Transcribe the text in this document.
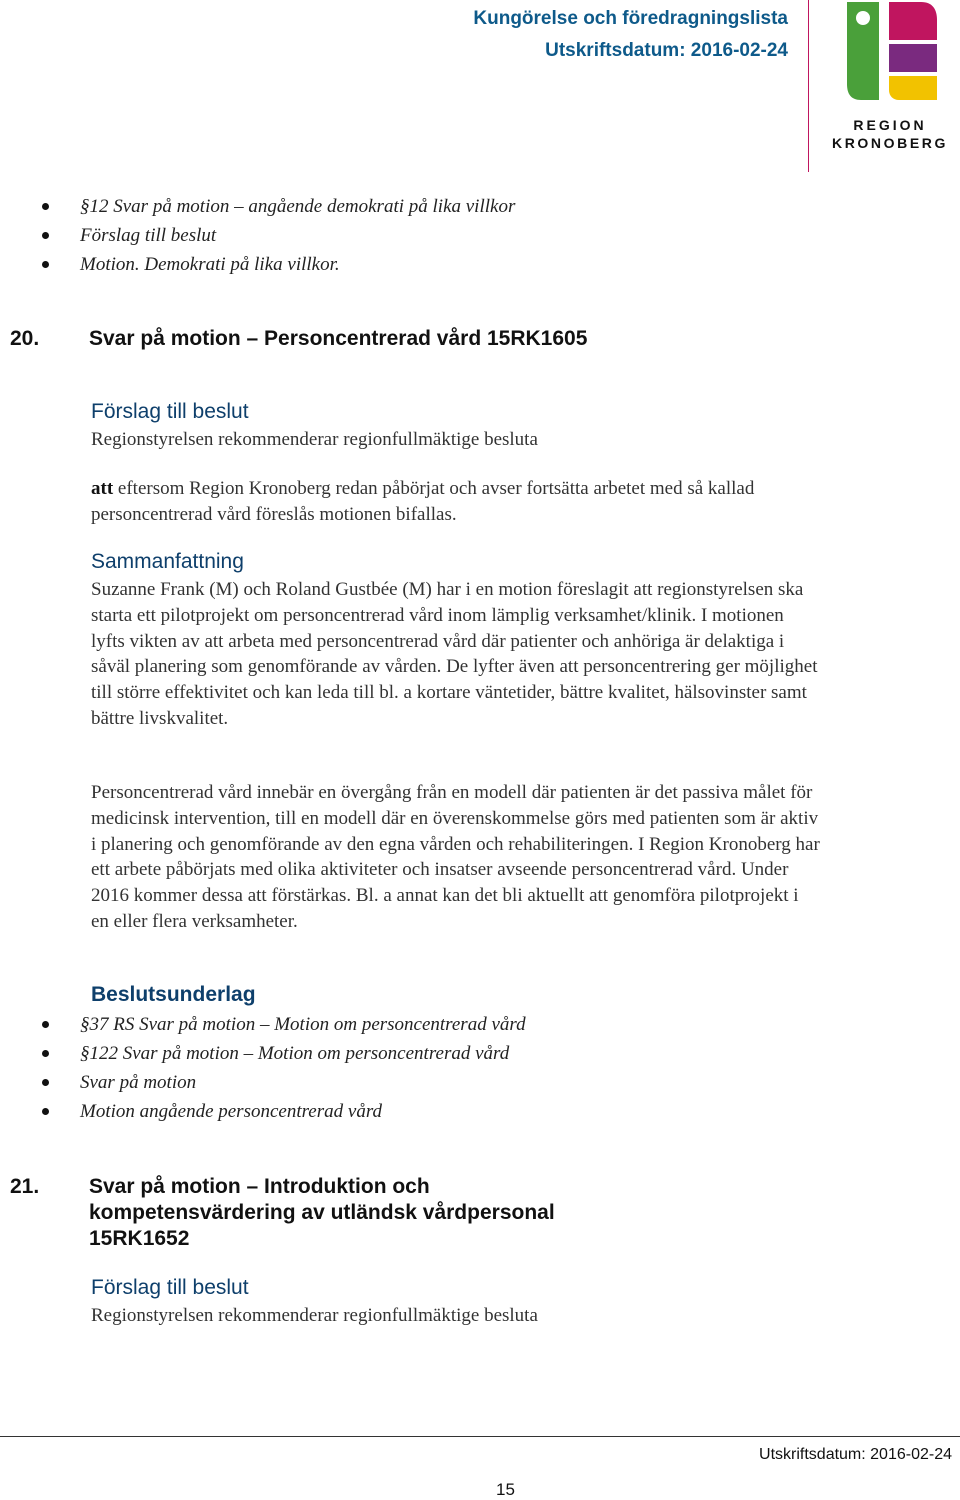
Kungörelse och föredragningslista
Utskriftsdatum: 2016-02-24
REGION
KRONOBERG
§12 Svar på motion – angående demokrati på lika villkor
Förslag till beslut
Motion. Demokrati på lika villkor.
20. Svar på motion – Personcentrerad vård 15RK1605
Förslag till beslut
Regionstyrelsen rekommenderar regionfullmäktige besluta
att eftersom Region Kronoberg redan påbörjat och avser fortsätta arbetet med så kallad personcentrerad vård föreslås motionen bifallas.
Sammanfattning
Suzanne Frank (M) och Roland Gustbée (M) har i en motion föreslagit att regionstyrelsen ska starta ett pilotprojekt om personcentrerad vård inom lämplig verksamhet/klinik. I motionen lyfts vikten av att arbeta med personcentrerad vård där patienter och anhöriga är delaktiga i såväl planering som genomförande av vården. De lyfter även att personcentrering ger möjlighet till större effektivitet och kan leda till bl. a kortare väntetider, bättre kvalitet, hälsovinster samt bättre livskvalitet.
Personcentrerad vård innebär en övergång från en modell där patienten är det passiva målet för medicinsk intervention, till en modell där en överenskommelse görs med patienten som är aktiv i planering och genomförande av den egna vården och rehabiliteringen. I Region Kronoberg har ett arbete påbörjats med olika aktiviteter och insatser avseende personcentrerad vård. Under 2016 kommer dessa att förstärkas. Bl. a annat kan det bli aktuellt att genomföra pilotprojekt i en eller flera verksamheter.
Beslutsunderlag
§37 RS Svar på motion – Motion om personcentrerad vård
§122 Svar på motion – Motion om personcentrerad vård
Svar på motion
Motion angående personcentrerad vård
21. Svar på motion – Introduktion och
kompetensvärdering av utländsk vårdpersonal
15RK1652
Förslag till beslut
Regionstyrelsen rekommenderar regionfullmäktige besluta
Utskriftsdatum: 2016-02-24
15
